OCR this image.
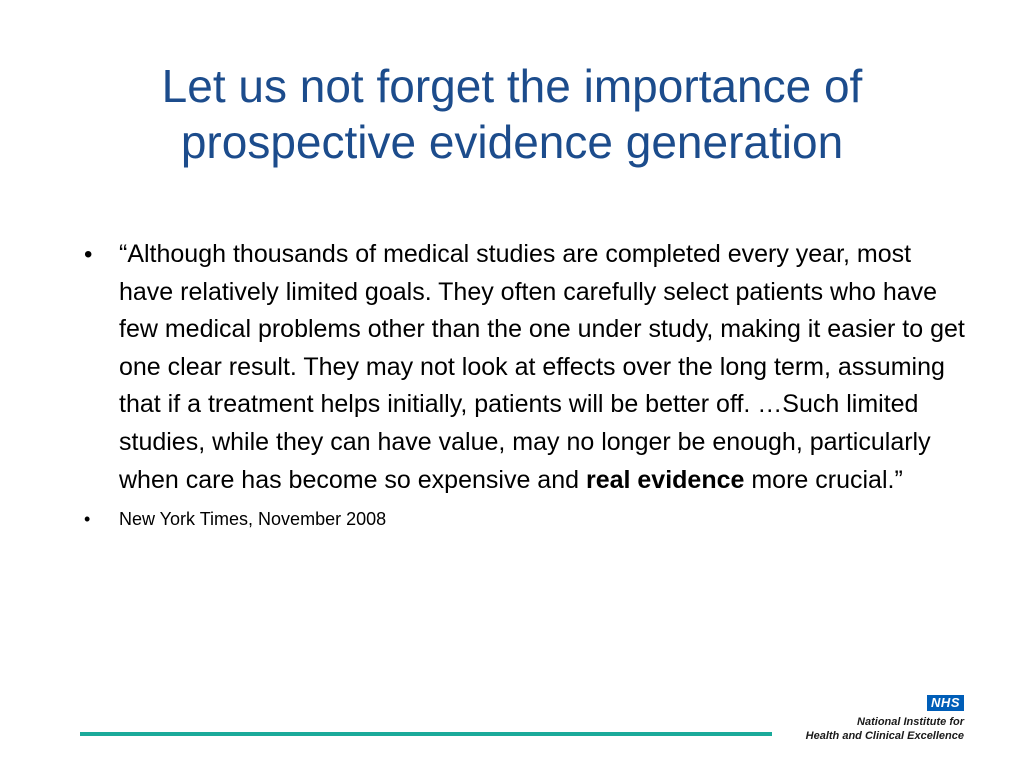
Let us not forget the importance of prospective evidence generation
• “Although thousands of medical studies are completed every year, most have relatively limited goals. They often carefully select patients who have few medical problems other than the one under study, making it easier to get one clear result. They may not look at effects over the long term, assuming that if a treatment helps initially, patients will be better off. …Such limited studies, while they can have value, may no longer be enough, particularly when care has become so expensive and real evidence more crucial.”
• New York Times, November 2008
NHS
National Institute for
Health and Clinical Excellence
